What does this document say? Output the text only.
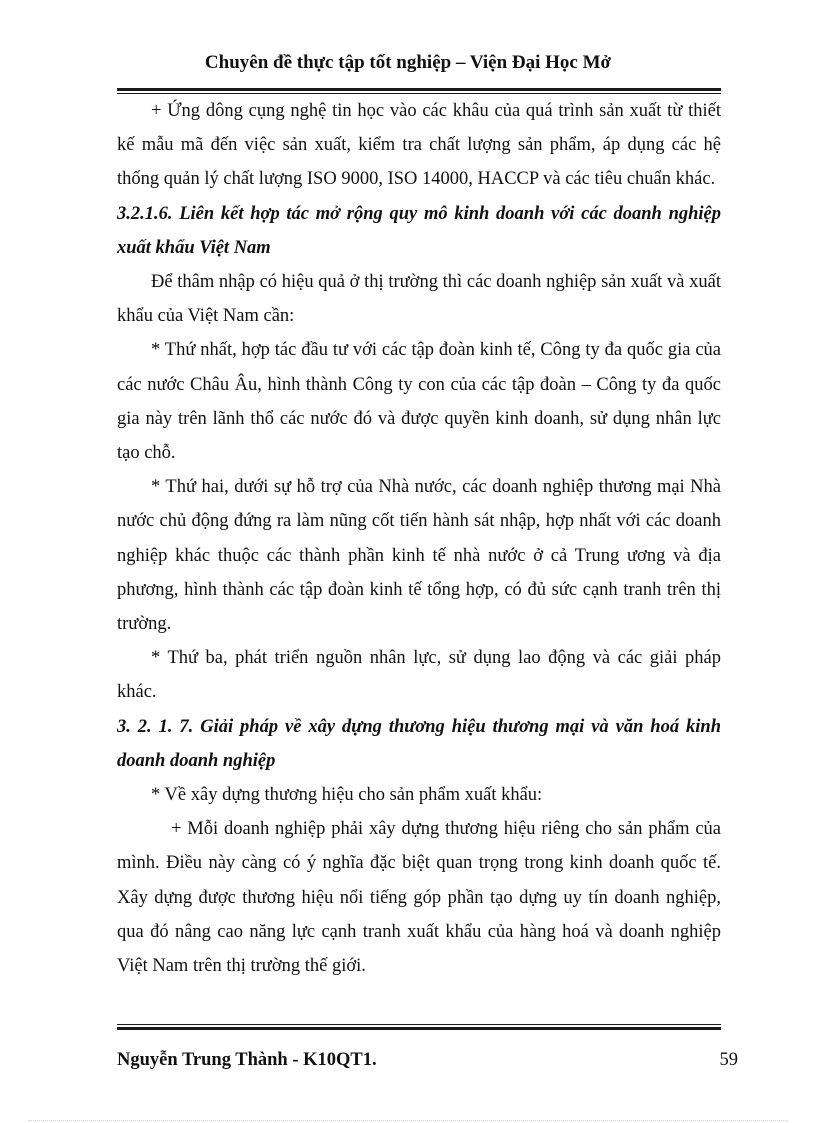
Chuyên đề thực tập tốt nghiệp – Viện Đại Học Mở

+ Ứng dông cụng nghệ tin học vào các khâu của quá trình sản xuất từ thiết kế mẫu mã đến việc sản xuất, kiểm tra chất lượng sản phẩm, áp dụng các hệ thống quản lý chất lượng ISO 9000, ISO 14000, HACCP và các tiêu chuẩn khác.

3.2.1.6. Liên kết hợp tác mở rộng quy mô kinh doanh với các doanh nghiệp xuất khẩu Việt Nam

Để thâm nhập có hiệu quả ở thị trường thì các doanh nghiệp sản xuất và xuất khẩu của Việt Nam cần:

* Thứ nhất, hợp tác đầu tư với các tập đoàn kinh tế, Công ty đa quốc gia của các nước Châu Âu, hình thành Công ty con của các tập đoàn – Công ty đa quốc gia này trên lãnh thổ các nước đó và được quyền kinh doanh, sử dụng nhân lực tạo chỗ.

* Thứ hai, dưới sự hỗ trợ của Nhà nước, các doanh nghiệp thương mại Nhà nước chủ động đứng ra làm nũng cốt tiến hành sát nhập, hợp nhất với các doanh nghiệp khác thuộc các thành phần kinh tế nhà nước ở cả Trung ương và địa phương, hình thành các tập đoàn kinh tế tổng hợp, có đủ sức cạnh tranh trên thị trường.

* Thứ ba, phát triển nguồn nhân lực, sử dụng lao động và các giải pháp khác.

3. 2. 1. 7. Giải pháp về xây dựng thương hiệu thương mại và văn hoá kinh doanh doanh nghiệp

* Về xây dựng thương hiệu cho sản phẩm xuất khẩu:

+ Mỗi doanh nghiệp phải xây dựng thương hiệu riêng cho sản phẩm của mình. Điều này càng có ý nghĩa đặc biệt quan trọng trong kinh doanh quốc tế. Xây dựng được thương hiệu nổi tiếng góp phần tạo dựng uy tín doanh nghiệp, qua đó nâng cao năng lực cạnh tranh xuất khẩu của hàng hoá và doanh nghiệp Việt Nam trên thị trường thế giới.

Nguyễn Trung Thành - K10QT1.	59
